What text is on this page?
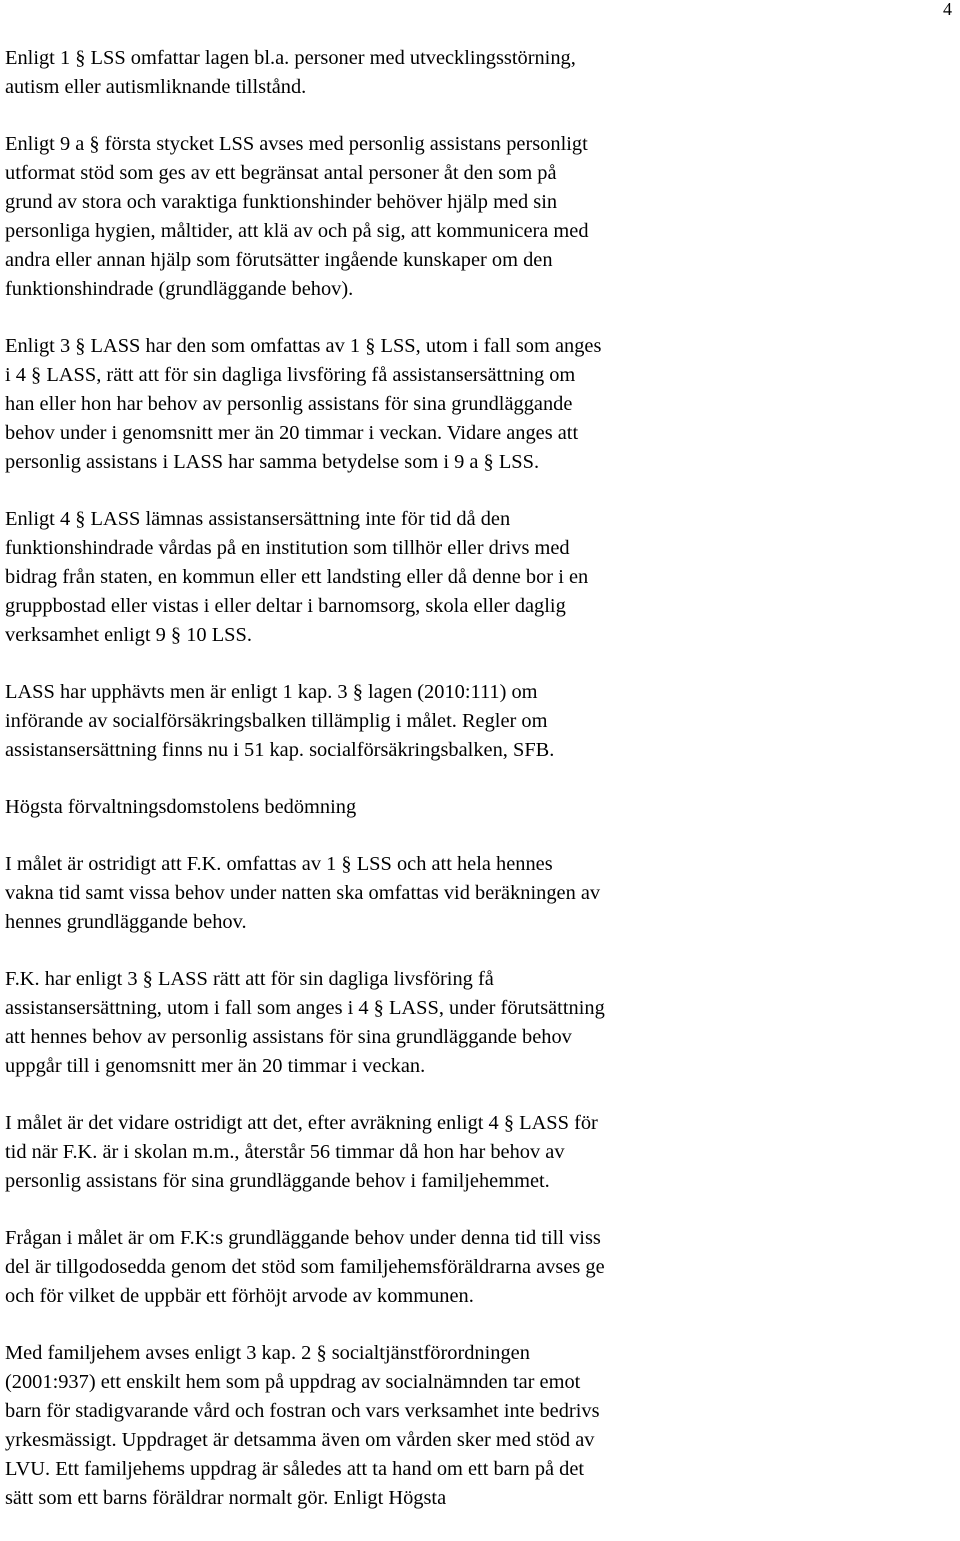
4

Enligt 1 § LSS omfattar lagen bl.a. personer med utvecklingsstörning,
autism eller autismliknande tillstånd.

Enligt 9 a § första stycket LSS avses med personlig assistans personligt
utformat stöd som ges av ett begränsat antal personer åt den som på
grund av stora och varaktiga funktionshinder behöver hjälp med sin
personliga hygien, måltider, att klä av och på sig, att kommunicera med
andra eller annan hjälp som förutsätter ingående kunskaper om den
funktionshindrade (grundläggande behov).

Enligt 3 § LASS har den som omfattas av 1 § LSS, utom i fall som anges
i 4 § LASS, rätt att för sin dagliga livsföring få assistansersättning om
han eller hon har behov av personlig assistans för sina grundläggande
behov under i genomsnitt mer än 20 timmar i veckan. Vidare anges att
personlig assistans i LASS har samma betydelse som i 9 a § LSS.

Enligt 4 § LASS lämnas assistansersättning inte för tid då den
funktionshindrade vårdas på en institution som tillhör eller drivs med
bidrag från staten, en kommun eller ett landsting eller då denne bor i en
gruppbostad eller vistas i eller deltar i barnomsorg, skola eller daglig
verksamhet enligt 9 § 10 LSS.

LASS har upphävts men är enligt 1 kap. 3 § lagen (2010:111) om
införande av socialförsäkringsbalken tillämplig i målet. Regler om
assistansersättning finns nu i 51 kap. socialförsäkringsbalken, SFB.

Högsta förvaltningsdomstolens bedömning

I målet är ostridigt att F.K. omfattas av 1 § LSS och att hela hennes
vakna tid samt vissa behov under natten ska omfattas vid beräkningen av
hennes grundläggande behov.

F.K. har enligt 3 § LASS rätt att för sin dagliga livsföring få
assistansersättning, utom i fall som anges i 4 § LASS, under förutsättning
att hennes behov av personlig assistans för sina grundläggande behov
uppgår till i genomsnitt mer än 20 timmar i veckan.

I målet är det vidare ostridigt att det, efter avräkning enligt 4 § LASS för
tid när F.K. är i skolan m.m., återstår 56 timmar då hon har behov av
personlig assistans för sina grundläggande behov i familjehemmet.

Frågan i målet är om F.K:s grundläggande behov under denna tid till viss
del är tillgodosedda genom det stöd som familjehemsföräldrarna avses ge
och för vilket de uppbär ett förhöjt arvode av kommunen.

Med familjehem avses enligt 3 kap. 2 § socialtjänstförordningen
(2001:937) ett enskilt hem som på uppdrag av socialnämnden tar emot
barn för stadigvarande vård och fostran och vars verksamhet inte bedrivs
yrkesmässigt. Uppdraget är detsamma även om vården sker med stöd av
LVU. Ett familjehems uppdrag är således att ta hand om ett barn på det
sätt som ett barns föräldrar normalt gör. Enligt Högsta
